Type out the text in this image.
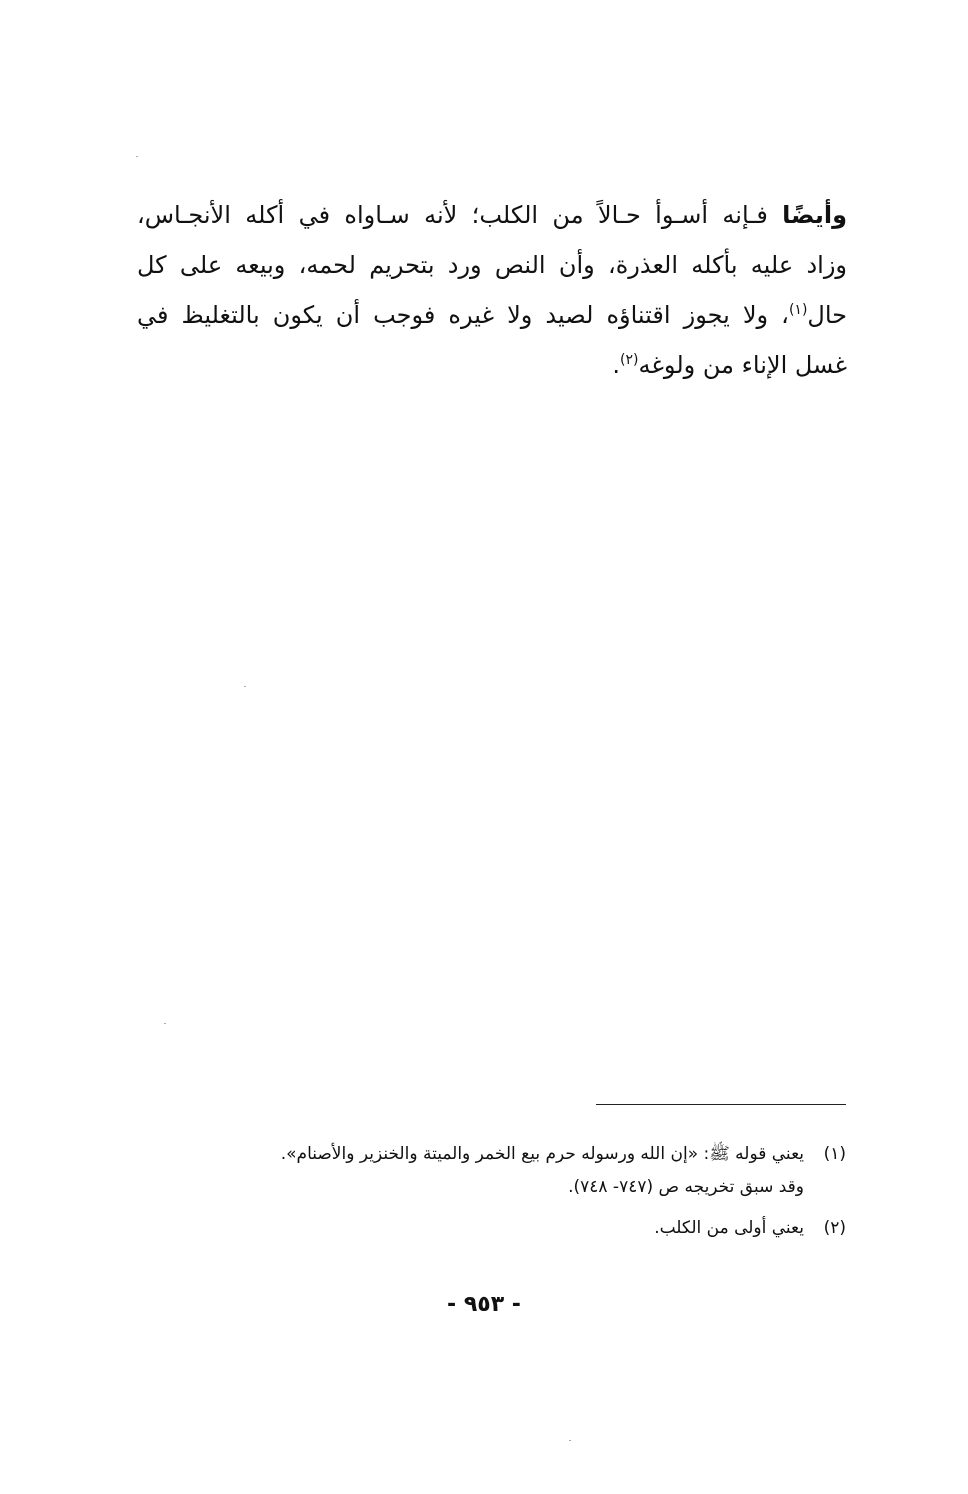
وأيضًا فـإنه أسـوأ حـالاً من الكلب؛ لأنه سـاواه في أكله الأنجـاس،
وزاد عليه بأكله العذرة، وأن النص ورد بتحريم لحمه، وبيعه على كل
حال$^{(١)}$، ولا يجوز اقتناؤه لصيد ولا غيره فوجب أن يكون بالتغليظ في
غسل الإناء من ولوغه$^{(٢)}$.
(١)
يعني قوله ﷺ: «إن الله ورسوله حرم بيع الخمر والميتة والخنزير والأصنام».
وقد سبق تخريجه ص (٧٤٧- ٧٤٨).
(٢)
يعني أولى من الكلب.
- ٩٥٣ -
